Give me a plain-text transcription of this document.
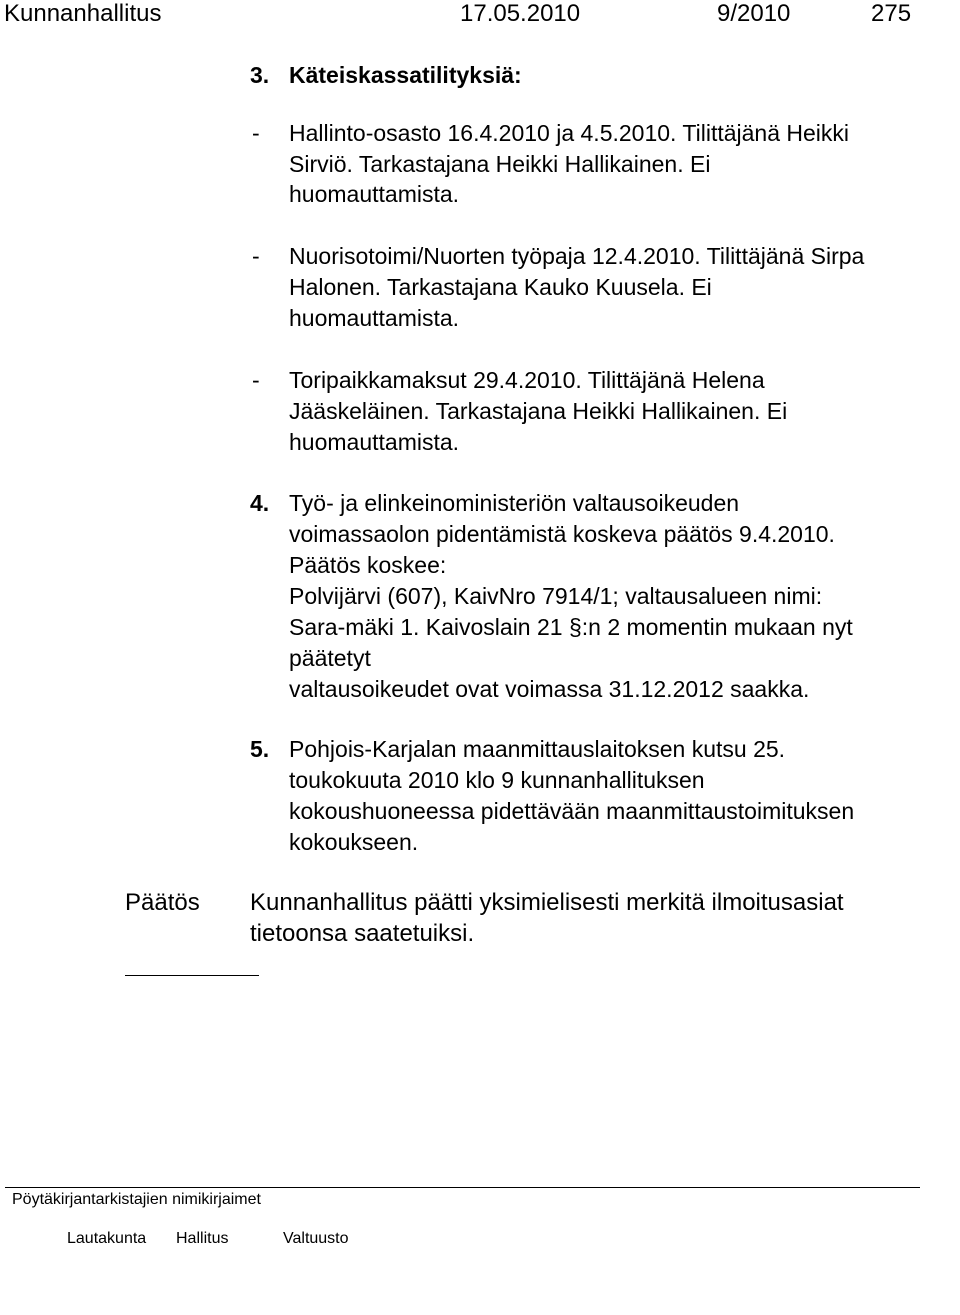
Kunnanhallitus	17.05.2010	9/2010	275
3. Käteiskassatilityksiä:
- Hallinto-osasto 16.4.2010 ja 4.5.2010. Tilittäjänä Heikki
Sirviö. Tarkastajana Heikki Hallikainen. Ei
huomauttamista.
- Nuorisotoimi/Nuorten työpaja 12.4.2010. Tilittäjänä Sirpa
Halonen. Tarkastajana Kauko Kuusela. Ei
huomauttamista.
- Toripaikkamaksut 29.4.2010. Tilittäjänä Helena
Jääskeläinen. Tarkastajana Heikki Hallikainen. Ei
huomauttamista.
4. Työ- ja elinkeinoministeriön valtausoikeuden
voimassaolon pidentämistä koskeva päätös 9.4.2010.
Päätös koskee:
Polvijärvi (607), KaivNro 7914/1; valtausalueen nimi:
Sara-mäki 1. Kaivoslain 21 §:n 2 momentin mukaan nyt
päätetyt
valtausoikeudet ovat voimassa 31.12.2012 saakka.
5. Pohjois-Karjalan maanmittauslaitoksen kutsu 25.
toukokuuta 2010 klo 9 kunnanhallituksen
kokoushuoneessa pidettävään maanmittaustoimituksen
kokoukseen.
Päätös Kunnanhallitus päätti yksimielisesti merkitä ilmoitusasiat
tietoonsa saatetuiksi.
Pöytäkirjantarkistajien nimikirjaimet
Lautakunta Hallitus	Valtuusto
